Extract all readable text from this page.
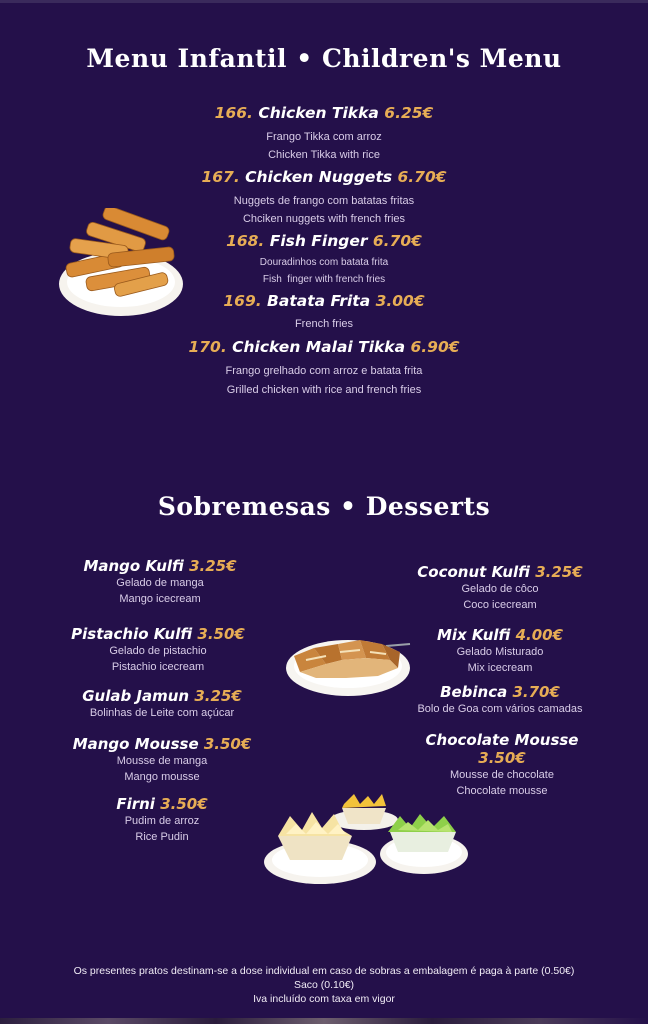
Menu Infantil • Children's Menu
166. Chicken Tikka 6.25€
Frango Tikka com arroz
Chicken Tikka with rice
167. Chicken Nuggets 6.70€
Nuggets de frango com batatas fritas
Chciken nuggets with french fries
168. Fish Finger 6.70€
Douradinhos com batata frita
Fish  finger with french fries
169. Batata Frita 3.00€
French fries
170. Chicken Malai Tikka 6.90€
Frango grelhado com arroz e batata frita
Grilled chicken with rice and french fries
Sobremesas • Desserts
Mango Kulfi 3.25€
Gelado de manga
Mango icecream
Pistachio Kulfi 3.50€
Gelado de pistachio
Pistachio icecream
Gulab Jamun 3.25€
Bolinhas de Leite com açúcar
Mango Mousse 3.50€
Mousse de manga
Mango mousse
Firni 3.50€
Pudim de arroz
Rice Pudin
Coconut Kulfi 3.25€
Gelado de côco
Coco icecream
Mix Kulfi 4.00€
Gelado Misturado
Mix icecream
Bebinca 3.70€
Bolo de Goa com vários camadas
Chocolate Mousse 3.50€
Mousse de chocolate
Chocolate mousse
Os presentes pratos destinam-se a dose individual em caso de sobras a embalagem é paga à parte (0.50€)
Saco (0.10€)
Iva incluído com taxa em vigor
